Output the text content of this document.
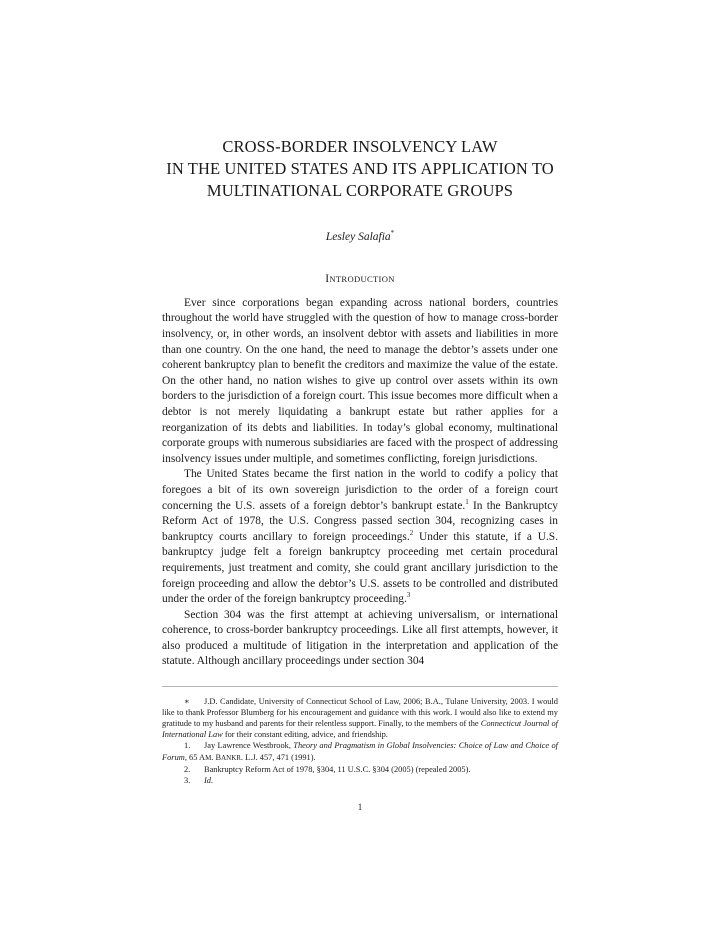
CROSS-BORDER INSOLVENCY LAW
IN THE UNITED STATES AND ITS APPLICATION TO
MULTINATIONAL CORPORATE GROUPS
Lesley Salafia*
INTRODUCTION

Ever since corporations began expanding across national borders, countries throughout the world have struggled with the question of how to manage cross-border insolvency, or, in other words, an insolvent debtor with assets and liabilities in more than one country. On the one hand, the need to manage the debtor’s assets under one coherent bankruptcy plan to benefit the creditors and maximize the value of the estate. On the other hand, no nation wishes to give up control over assets within its own borders to the jurisdiction of a foreign court. This issue becomes more difficult when a debtor is not merely liquidating a bankrupt estate but rather applies for a reorganization of its debts and liabilities. In today’s global economy, multinational corporate groups with numerous subsidiaries are faced with the prospect of addressing insolvency issues under multiple, and sometimes conflicting, foreign jurisdictions.

The United States became the first nation in the world to codify a policy that foregoes a bit of its own sovereign jurisdiction to the order of a foreign court concerning the U.S. assets of a foreign debtor’s bankrupt estate.$^1$ In the Bankruptcy Reform Act of 1978, the U.S. Congress passed section 304, recognizing cases in bankruptcy courts ancillary to foreign proceedings.$^2$ Under this statute, if a U.S. bankruptcy judge felt a foreign bankruptcy proceeding met certain procedural requirements, just treatment and comity, she could grant ancillary jurisdiction to the foreign proceeding and allow the debtor’s U.S. assets to be controlled and distributed under the order of the foreign bankruptcy proceeding.$^3$

Section 304 was the first attempt at achieving universalism, or international coherence, to cross-border bankruptcy proceedings. Like all first attempts, however, it also produced a multitude of litigation in the interpretation and application of the statute. Although ancillary proceedings under section 304

∗ J.D. Candidate, University of Connecticut School of Law, 2006; B.A., Tulane University, 2003. I would like to thank Professor Blumberg for his encouragement and guidance with this work. I would also like to extend my gratitude to my husband and parents for their relentless support. Finally, to the members of the Connecticut Journal of International Law for their constant editing, advice, and friendship.

1. Jay Lawrence Westbrook, Theory and Pragmatism in Global Insolvencies: Choice of Law and Choice of Forum, 65 AM. BANKR. L.J. 457, 471 (1991).

2. Bankruptcy Reform Act of 1978, §304, 11 U.S.C. §304 (2005) (repealed 2005).

3. Id.

1
